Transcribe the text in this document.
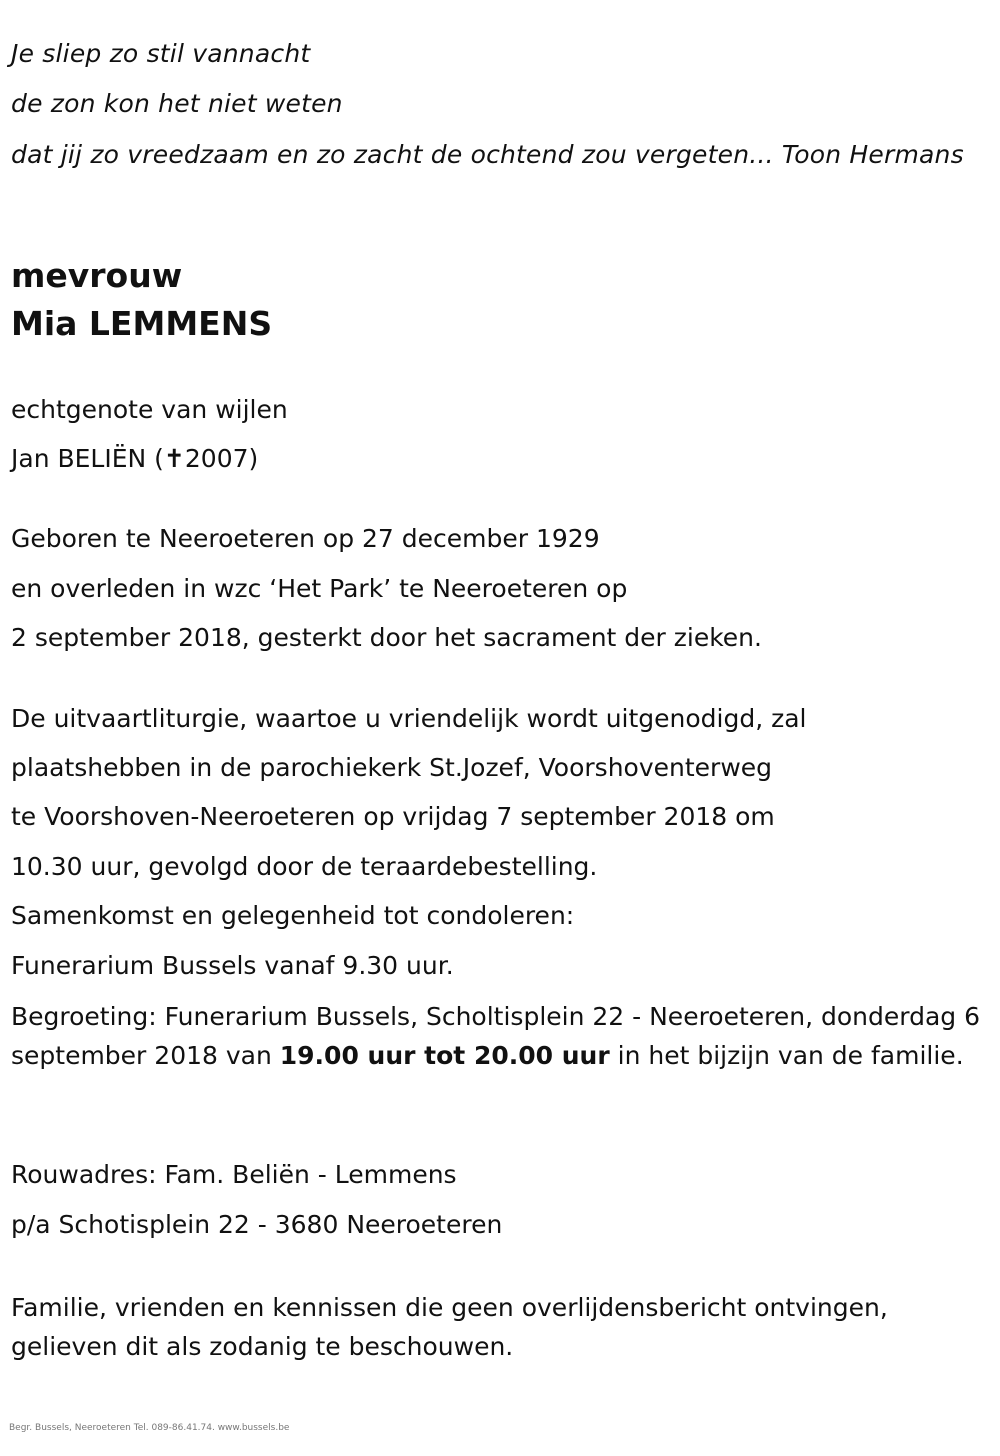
Je sliep zo stil vannacht

de zon kon het niet weten

dat jij zo vreedzaam en zo zacht de ochtend zou vergeten... Toon Hermans

mevrouw

Mia LEMMENS

echtgenote van wijlen

Jan BELIËN (✝2007)

Geboren te Neeroeteren op 27 december 1929

en overleden in wzc ‘Het Park’ te Neeroeteren op

2 september 2018, gesterkt door het sacrament der zieken.

De uitvaartliturgie, waartoe u vriendelijk wordt uitgenodigd, zal

plaatshebben in de parochiekerk St.Jozef, Voorshoventerweg

te Voorshoven-Neeroeteren op vrijdag 7 september 2018 om

10.30 uur, gevolgd door de teraardebestelling.

Samenkomst en gelegenheid tot condoleren:

Funerarium Bussels vanaf 9.30 uur.

Begroeting: Funerarium Bussels, Scholtisplein 22 - Neeroeteren, donderdag 6 september 2018 van 19.00 uur tot 20.00 uur in het bijzijn van de familie.

Rouwadres: Fam. Beliën - Lemmens

p/a Schotisplein 22 - 3680 Neeroeteren

Familie, vrienden en kennissen die geen overlijdensbericht ontvingen, gelieven dit als zodanig te beschouwen.

Begr. Bussels, Neeroeteren Tel. 089-86.41.74. www.bussels.be
